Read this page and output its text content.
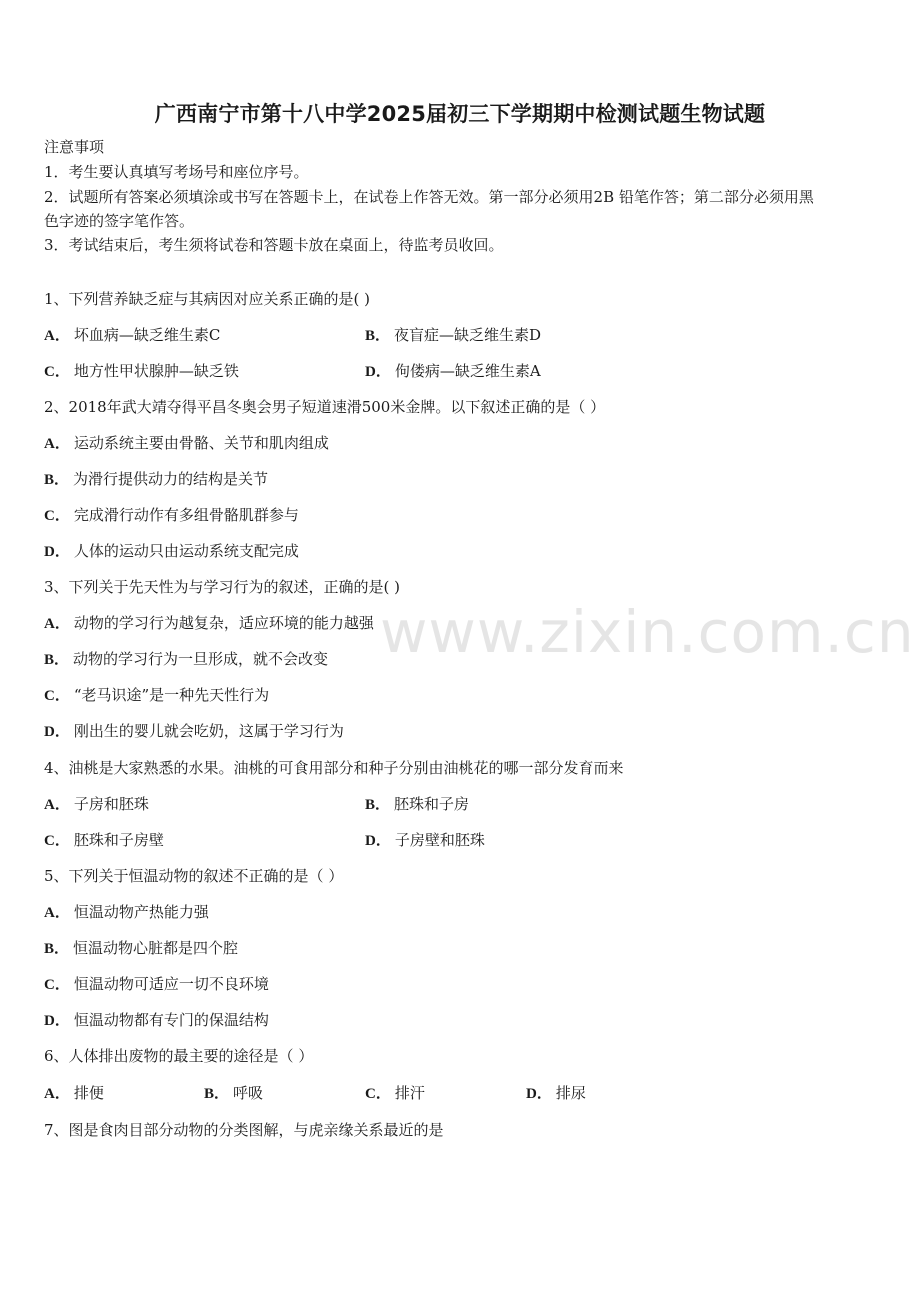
广西南宁市第十八中学2025届初三下学期期中检测试题生物试题
注意事项
1．考生要认真填写考场号和座位序号。
2．试题所有答案必须填涂或书写在答题卡上，在试卷上作答无效。第一部分必须用2B 铅笔作答；第二部分必须用黑
色字迹的签字笔作答。
3．考试结束后，考生须将试卷和答题卡放在桌面上，待监考员收回。
1、下列营养缺乏症与其病因对应关系正确的是( )
A． 坏血病—缺乏维生素C	B． 夜盲症—缺乏维生素D
C． 地方性甲状腺肿—缺乏铁	D． 佝偻病—缺乏维生素A
2、2018年武大靖夺得平昌冬奥会男子短道速滑500米金牌。以下叙述正确的是（ ）
A． 运动系统主要由骨骼、关节和肌肉组成
B． 为滑行提供动力的结构是关节
C． 完成滑行动作有多组骨骼肌群参与
D． 人体的运动只由运动系统支配完成
3、下列关于先天性为与学习行为的叙述，正确的是( )
A． 动物的学习行为越复杂，适应环境的能力越强
B． 动物的学习行为一旦形成，就不会改变
C． “老马识途”是一种先天性行为
D． 刚出生的婴儿就会吃奶，这属于学习行为
4、油桃是大家熟悉的水果。油桃的可食用部分和种子分别由油桃花的哪一部分发育而来
A． 子房和胚珠	B． 胚珠和子房
C． 胚珠和子房壁	D． 子房壁和胚珠
5、下列关于恒温动物的叙述不正确的是（ ）
A． 恒温动物产热能力强
B． 恒温动物心脏都是四个腔
C． 恒温动物可适应一切不良环境
D． 恒温动物都有专门的保温结构
6、人体排出废物的最主要的途径是（ ）
A． 排便	B． 呼吸	C． 排汗	D． 排尿
7、图是食肉目部分动物的分类图解，与虎亲缘关系最近的是
www.zixin.com.cn
